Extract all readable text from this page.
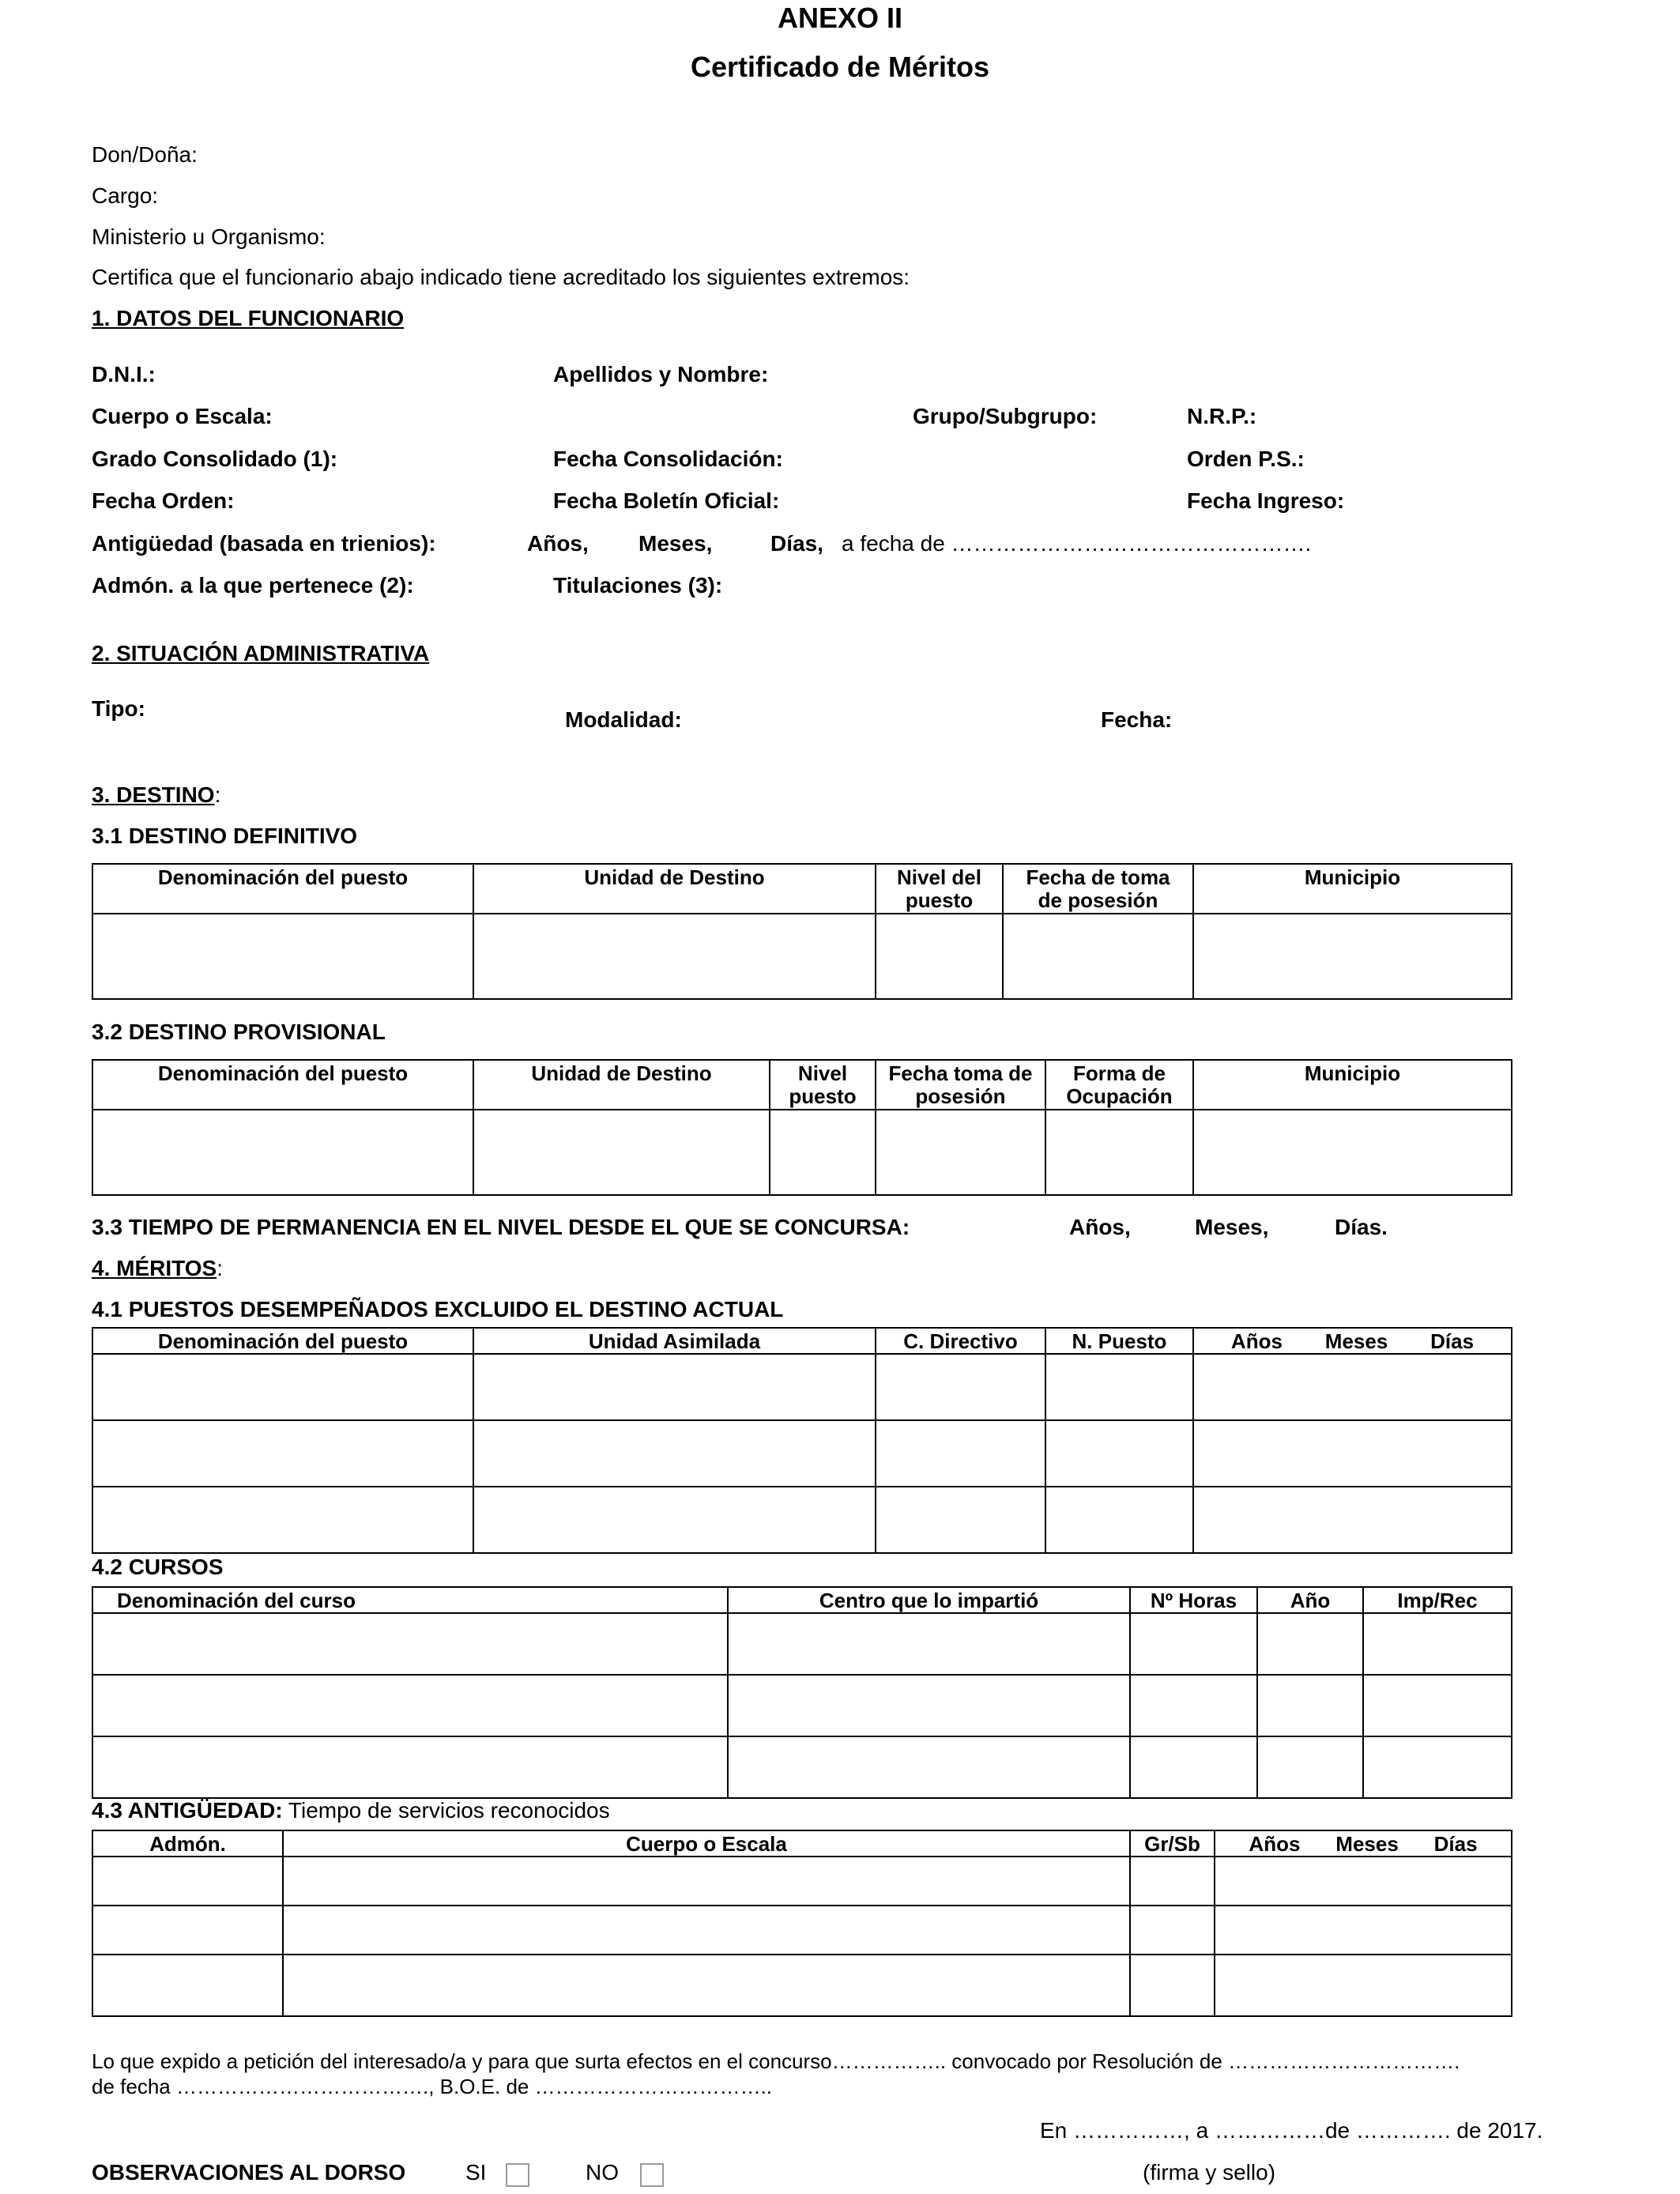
ANEXO II
Certificado de Méritos
Don/Doña:
Cargo:
Ministerio u Organismo:
Certifica que el funcionario abajo indicado tiene acreditado los siguientes extremos:
1. DATOS DEL FUNCIONARIO
D.N.I.:	Apellidos y Nombre:
Cuerpo o Escala:	Grupo/Subgrupo:	N.R.P.:
Grado Consolidado (1):	Fecha Consolidación:	Orden P.S.:
Fecha Orden:	Fecha Boletín Oficial:	Fecha Ingreso:
Antigüedad (basada en trienios):	Años, Meses,	Días, a fecha de ………………………………………….
Admón. a la que pertenece (2):	Titulaciones (3):
2. SITUACIÓN ADMINISTRATIVA
Tipo:	Modalidad:	Fecha:
3. DESTINO:
3.1 DESTINO DEFINITIVO
Denominación del puesto	Unidad de Destino	Nivel del puesto	Fecha de toma de posesión	Municipio

3.2 DESTINO PROVISIONAL
Denominación del puesto	Unidad de Destino	Nivel puesto	Fecha toma de posesión	Forma de Ocupación	Municipio

3.3 TIEMPO DE PERMANENCIA EN EL NIVEL DESDE EL QUE SE CONCURSA:	Años,	Meses,	Días.
4. MÉRITOS:
4.1 PUESTOS DESEMPEÑADOS EXCLUIDO EL DESTINO ACTUAL
Denominación del puesto	Unidad Asimilada	C. Directivo	N. Puesto	Años Meses Días

4.2 CURSOS
Denominación del curso	Centro que lo impartió	Nº Horas	Año	Imp/Rec

4.3 ANTIGÜEDAD: Tiempo de servicios reconocidos
Admón.	Cuerpo o Escala	Gr/Sb	Años Meses Días

Lo que expido a petición del interesado/a y para que surta efectos en el concurso…………….. convocado por Resolución de …………………………….
de fecha ………………………………., B.O.E. de ……………………………..
En ……………, a ……………de …………. de 2017.
OBSERVACIONES AL DORSO	SI	NO	(firma y sello)
